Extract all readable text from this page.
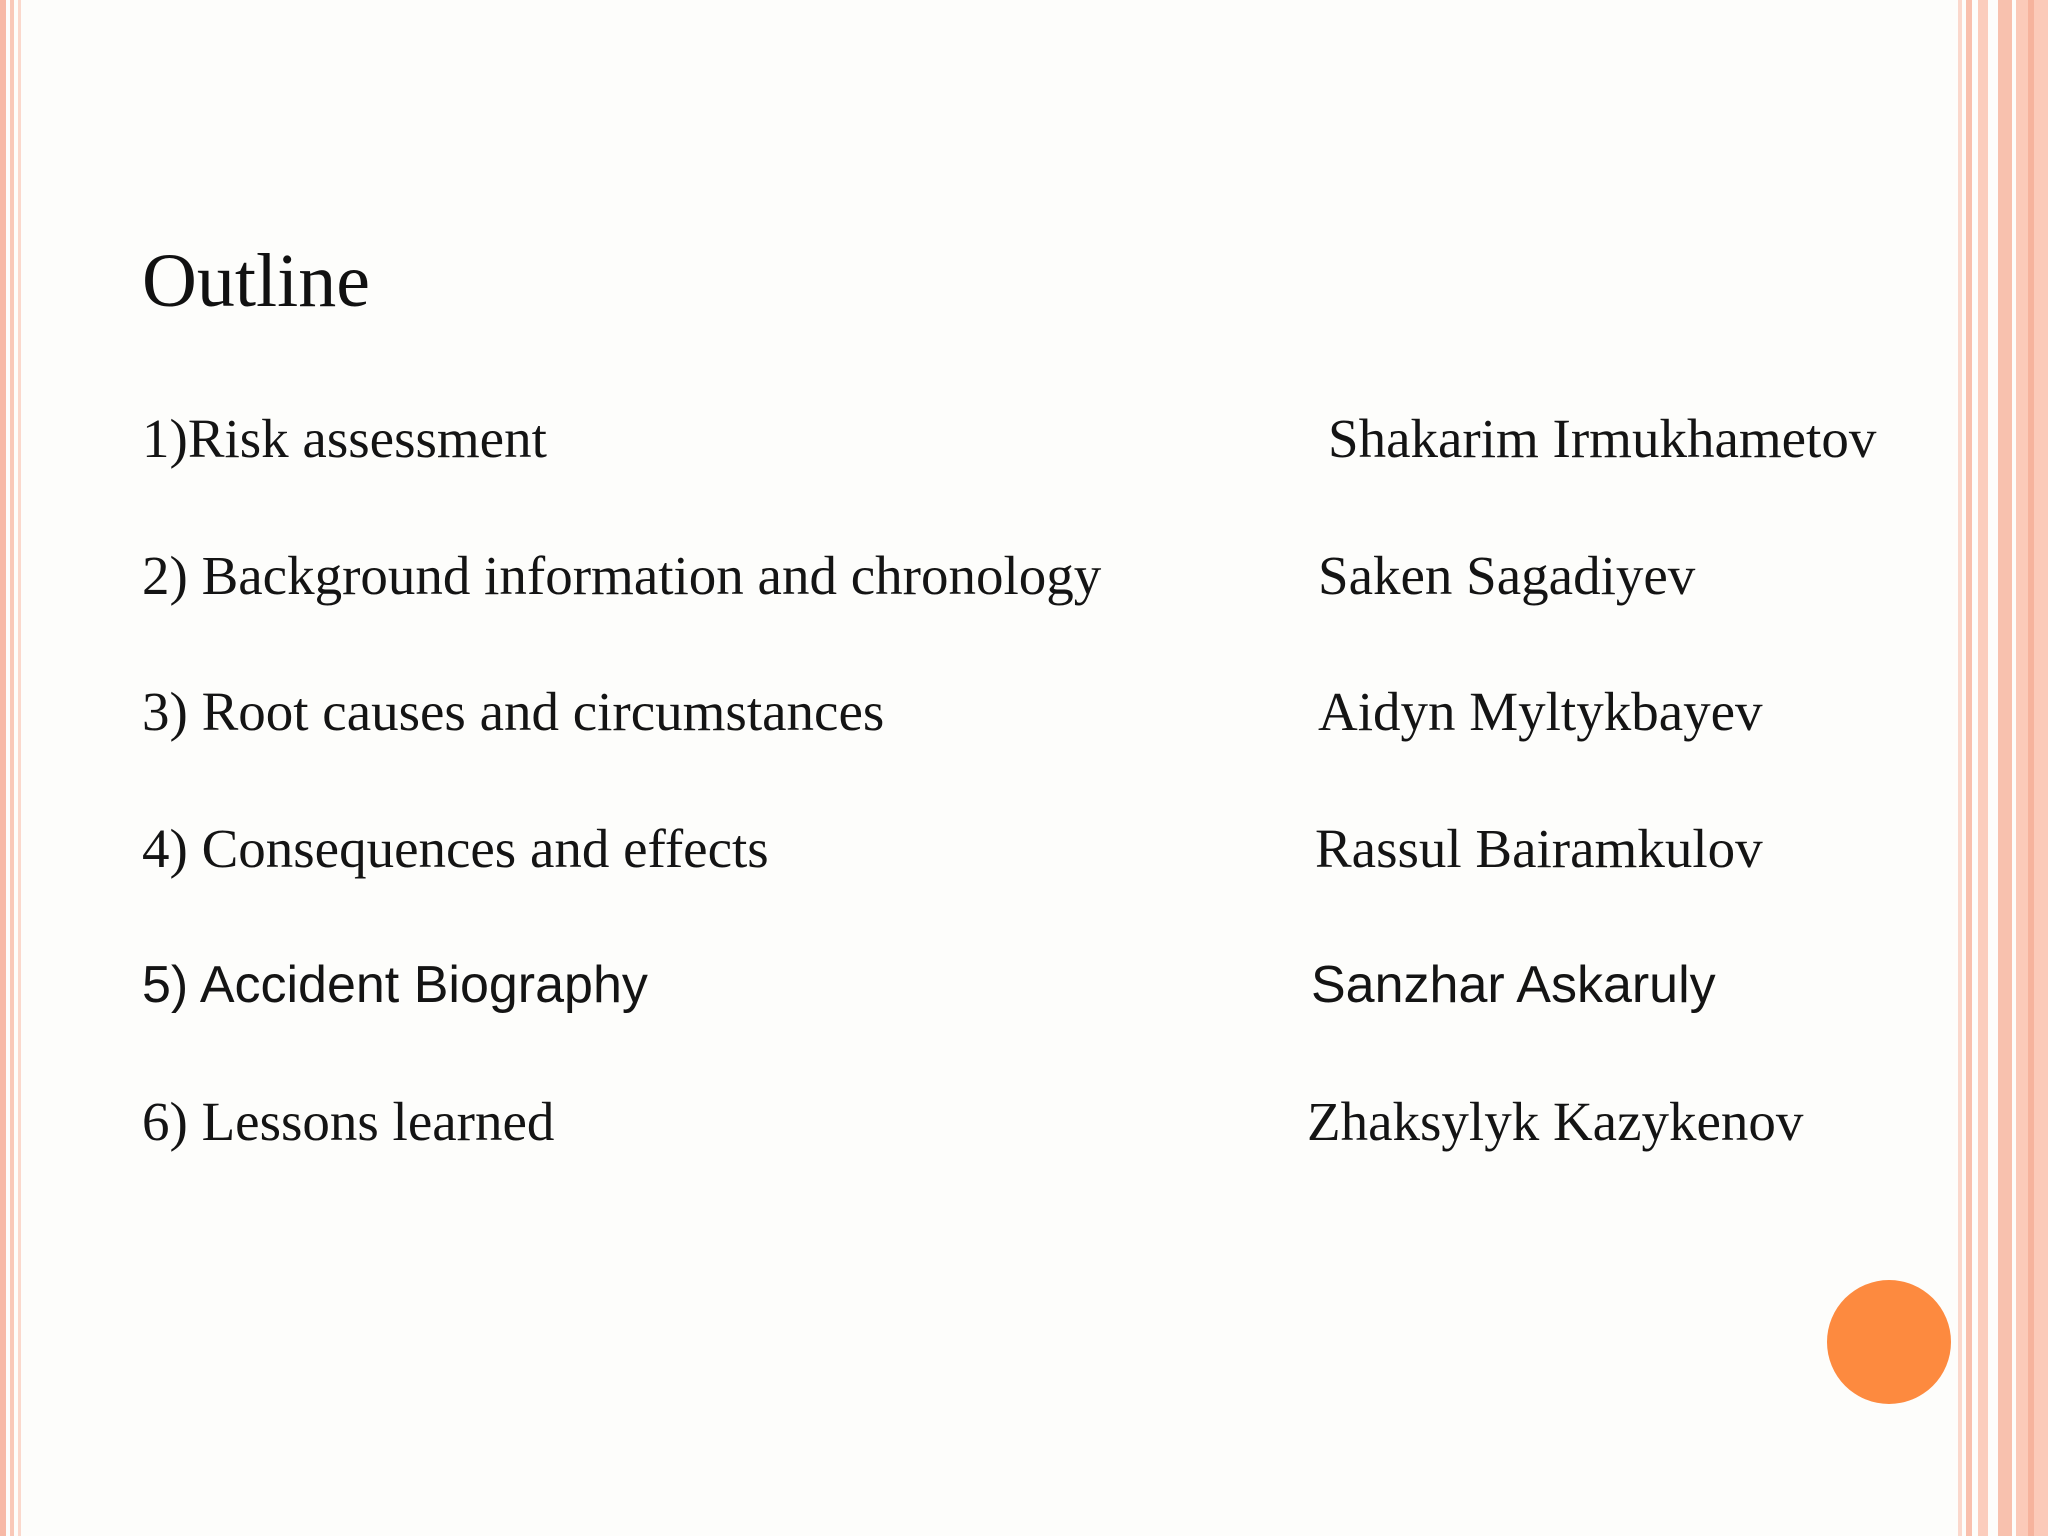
Outline
1)Risk assessment	Shakarim Irmukhametov
2) Background information and chronology	Saken Sagadiyev
3) Root causes and circumstances	Aidyn Myltykbayev
4) Consequences and effects	Rassul Bairamkulov
5) Accident Biography	Sanzhar Askaruly
6) Lessons learned	Zhaksylyk Kazykenov
